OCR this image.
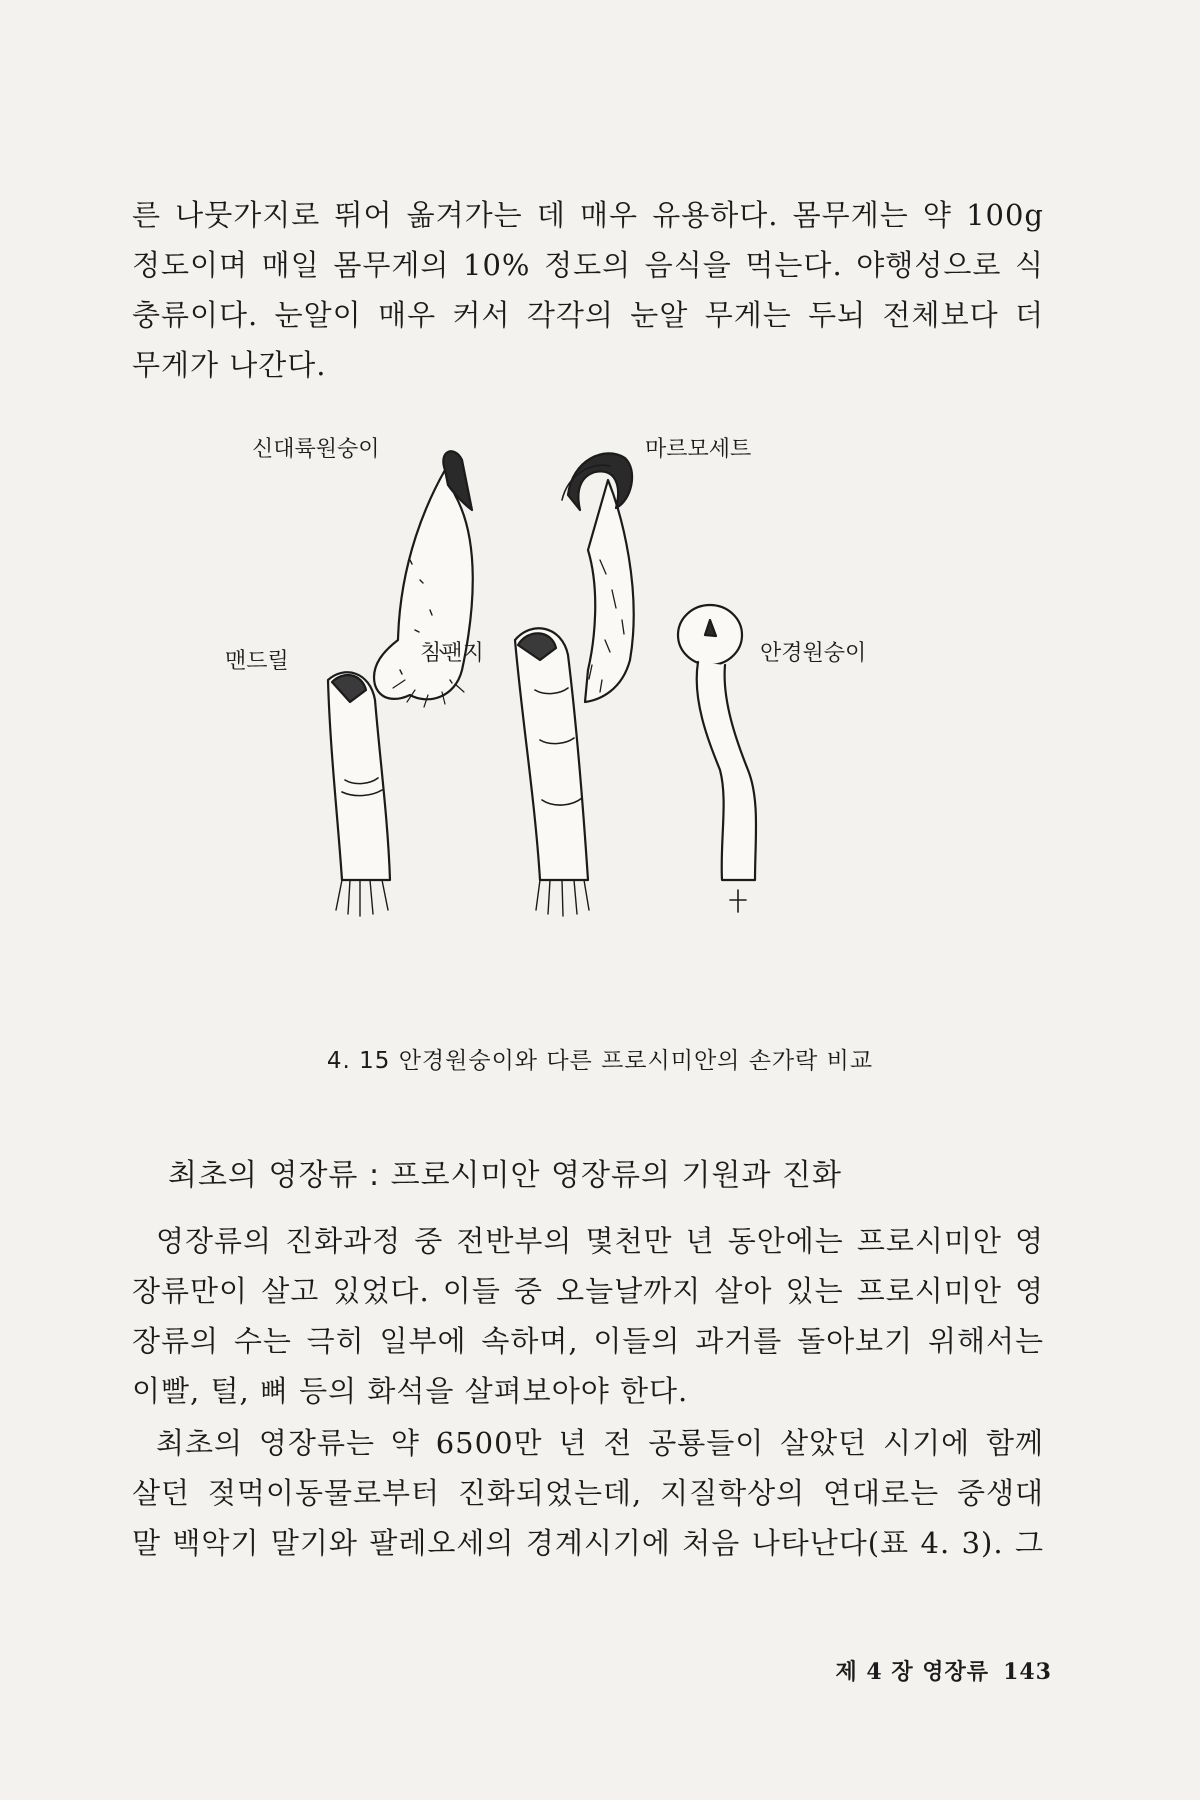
른 나뭇가지로 뛰어 옮겨가는 데 매우 유용하다. 몸무게는 약 100g
정도이며 매일 몸무게의 10% 정도의 음식을 먹는다. 야행성으로 식
충류이다. 눈알이 매우 커서 각각의 눈알 무게는 두뇌 전체보다 더
무게가 나간다.
신대륙원숭이	마르모세트
맨드릴	침팬지	안경원숭이
4. 15 안경원숭이와 다른 프로시미안의 손가락 비교
최초의 영장류 : 프로시미안 영장류의 기원과 진화
영장류의 진화과정 중 전반부의 몇천만 년 동안에는 프로시미안 영
장류만이 살고 있었다. 이들 중 오늘날까지 살아 있는 프로시미안 영
장류의 수는 극히 일부에 속하며, 이들의 과거를 돌아보기 위해서는
이빨, 털, 뼈 등의 화석을 살펴보아야 한다.
최초의 영장류는 약 6500만 년 전 공룡들이 살았던 시기에 함께
살던 젖먹이동물로부터 진화되었는데, 지질학상의 연대로는 중생대
말 백악기 말기와 팔레오세의 경계시기에 처음 나타난다(표 4. 3). 그
제 4 장 영장류 143
